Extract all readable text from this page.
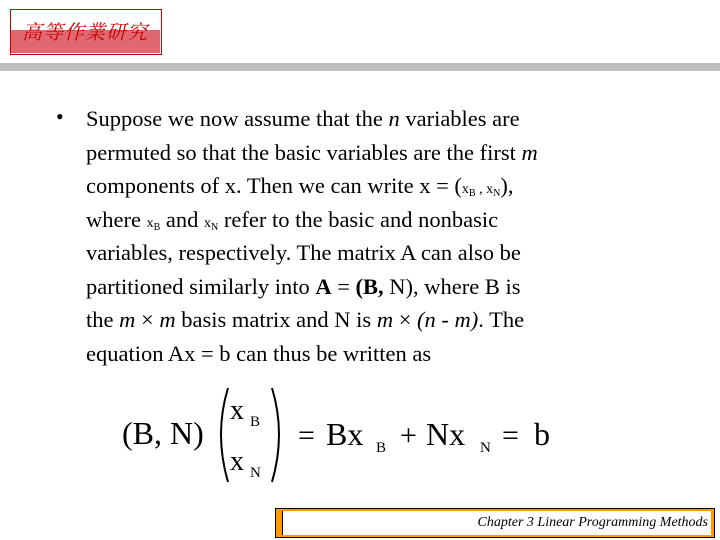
高等作業研究
• Suppose we now assume that the n variables are
permuted so that the basic variables are the first m
components of x. Then we can write $x = (x_B$ , $x_N$),
where $x_B$ and $x_N$ refer to the basic and nonbasic
variables, respectively. The matrix A can also be
partitioned similarly into A = (B, N), where B is
the m × m basis matrix and N is m × (n - m). The
equation Ax = b can thus be written as
(B, N)
x B
x N
= Bx B + Nx N = b
Chapter 3 Linear Programming Methods
